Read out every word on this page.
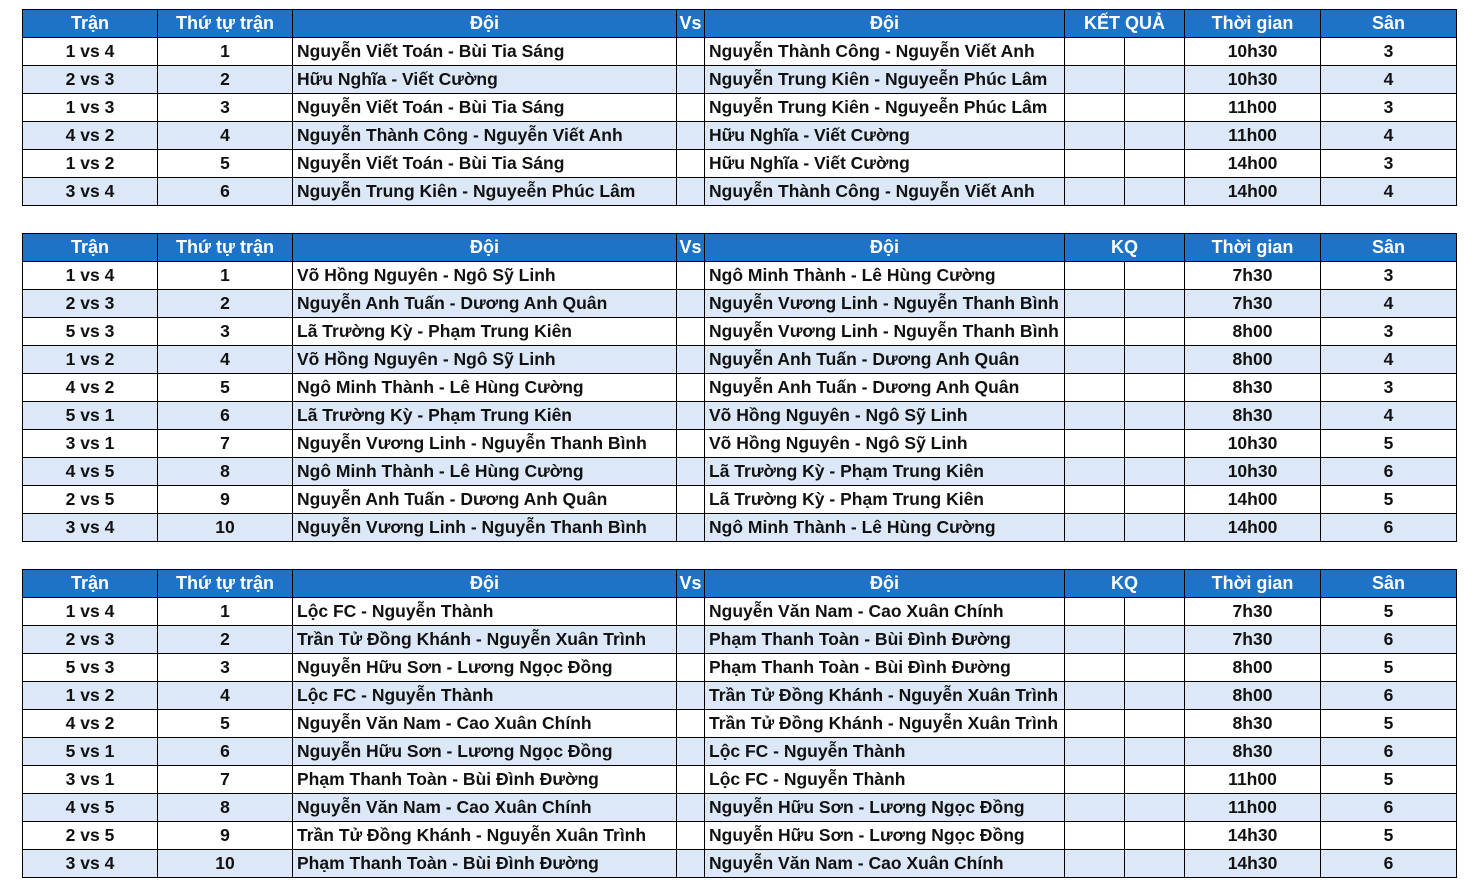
Trận	Thứ tự trận	Đội	Vs	Đội	KẾT QUẢ		Thời gian	Sân
1 vs 4	1	Nguyễn Viết Toán - Bùi Tia Sáng		Nguyễn Thành Công - Nguyễn Viết Anh			10h30	3
2 vs 3	2	Hữu Nghĩa - Viết Cường		Nguyễn Trung Kiên - Nguyeễn Phúc Lâm			10h30	4
1 vs 3	3	Nguyễn Viết Toán - Bùi Tia Sáng		Nguyễn Trung Kiên - Nguyeễn Phúc Lâm			11h00	3
4 vs 2	4	Nguyễn Thành Công - Nguyễn Viết Anh		Hữu Nghĩa - Viết Cường			11h00	4
1 vs 2	5	Nguyễn Viết Toán - Bùi Tia Sáng		Hữu Nghĩa - Viết Cường			14h00	3
3 vs 4	6	Nguyễn Trung Kiên - Nguyeễn Phúc Lâm		Nguyễn Thành Công - Nguyễn Viết Anh			14h00	4
Trận	Thứ tự trận	Đội	Vs	Đội	KQ		Thời gian	Sân
1 vs 4	1	Võ Hồng Nguyên - Ngô Sỹ Linh		Ngô Minh Thành - Lê Hùng Cường			7h30	3
2 vs 3	2	Nguyễn Anh Tuấn - Dương Anh Quân		Nguyễn Vương Linh - Nguyễn Thanh Bình			7h30	4
5 vs 3	3	Lã Trường Kỳ - Phạm Trung Kiên		Nguyễn Vương Linh - Nguyễn Thanh Bình			8h00	3
1 vs 2	4	Võ Hồng Nguyên - Ngô Sỹ Linh		Nguyễn Anh Tuấn - Dương Anh Quân			8h00	4
4 vs 2	5	Ngô Minh Thành - Lê Hùng Cường		Nguyễn Anh Tuấn - Dương Anh Quân			8h30	3
5 vs 1	6	Lã Trường Kỳ - Phạm Trung Kiên		Võ Hồng Nguyên - Ngô Sỹ Linh			8h30	4
3 vs 1	7	Nguyễn Vương Linh - Nguyễn Thanh Bình		Võ Hồng Nguyên - Ngô Sỹ Linh			10h30	5
4 vs 5	8	Ngô Minh Thành - Lê Hùng Cường		Lã Trường Kỳ - Phạm Trung Kiên			10h30	6
2 vs 5	9	Nguyễn Anh Tuấn - Dương Anh Quân		Lã Trường Kỳ - Phạm Trung Kiên			14h00	5
3 vs 4	10	Nguyễn Vương Linh - Nguyễn Thanh Bình		Ngô Minh Thành - Lê Hùng Cường			14h00	6
Trận	Thứ tự trận	Đội	Vs	Đội	KQ		Thời gian	Sân
1 vs 4	1	Lộc FC - Nguyễn Thành		Nguyễn Văn Nam - Cao Xuân Chính			7h30	5
2 vs 3	2	Trần Tử Đồng Khánh - Nguyễn Xuân Trình		Phạm Thanh Toàn - Bùi Đình Đường			7h30	6
5 vs 3	3	Nguyễn Hữu Sơn - Lương Ngọc Đồng		Phạm Thanh Toàn - Bùi Đình Đường			8h00	5
1 vs 2	4	Lộc FC - Nguyễn Thành		Trần Tử Đồng Khánh - Nguyễn Xuân Trình			8h00	6
4 vs 2	5	Nguyễn Văn Nam - Cao Xuân Chính		Trần Tử Đồng Khánh - Nguyễn Xuân Trình			8h30	5
5 vs 1	6	Nguyễn Hữu Sơn - Lương Ngọc Đồng		Lộc FC - Nguyễn Thành			8h30	6
3 vs 1	7	Phạm Thanh Toàn - Bùi Đình Đường		Lộc FC - Nguyễn Thành			11h00	5
4 vs 5	8	Nguyễn Văn Nam - Cao Xuân Chính		Nguyễn Hữu Sơn - Lương Ngọc Đồng			11h00	6
2 vs 5	9	Trần Tử Đồng Khánh - Nguyễn Xuân Trình		Nguyễn Hữu Sơn - Lương Ngọc Đồng			14h30	5
3 vs 4	10	Phạm Thanh Toàn - Bùi Đình Đường		Nguyễn Văn Nam - Cao Xuân Chính			14h30	6
